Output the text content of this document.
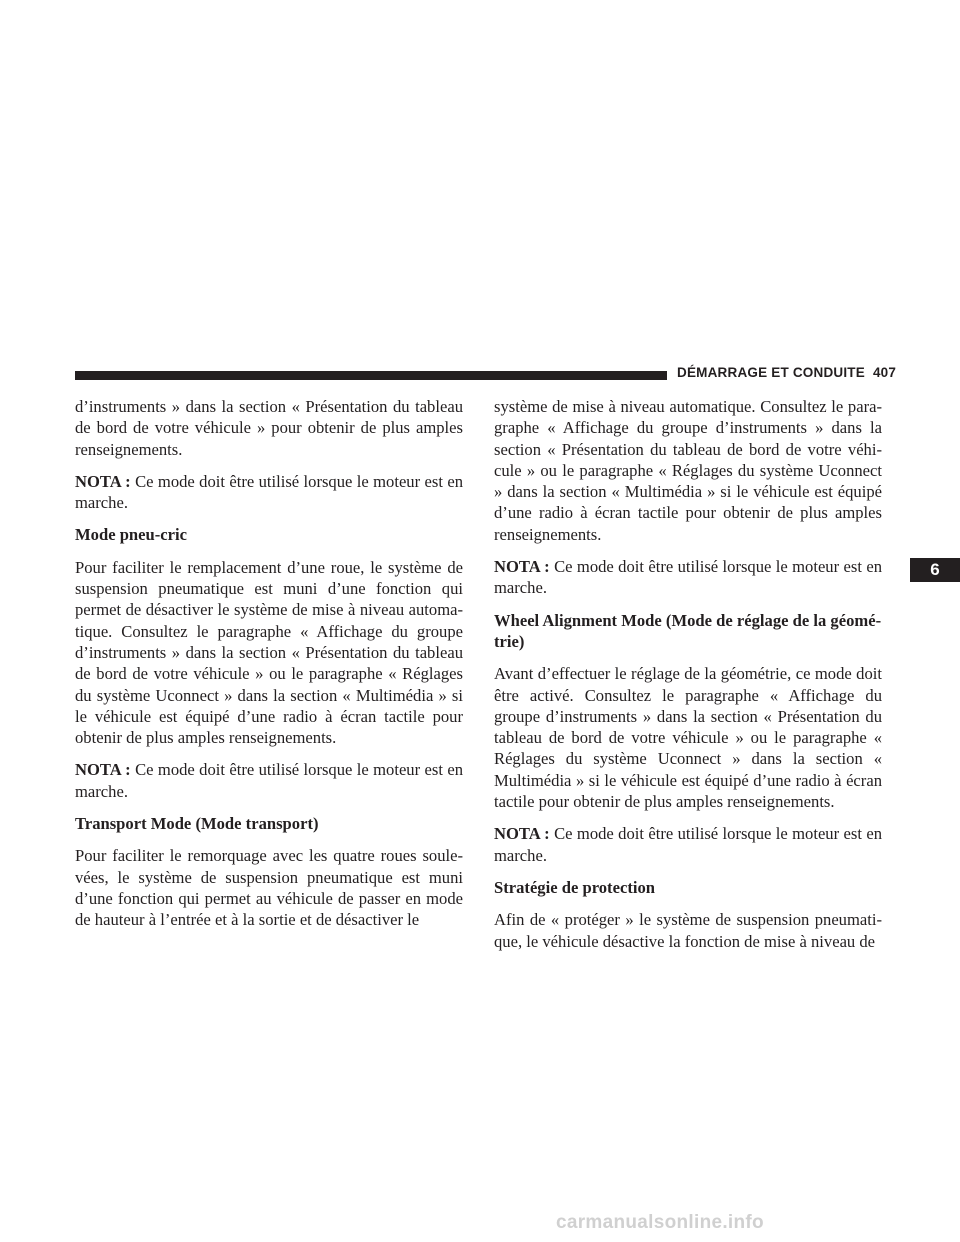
DÉMARRAGE ET CONDUITE 407

d’instruments » dans la section « Présentation du tableau de bord de votre véhicule » pour obtenir de plus amples renseignements.

NOTA : Ce mode doit être utilisé lorsque le moteur est en marche.

Mode pneu-cric

Pour faciliter le remplacement d’une roue, le système de suspension pneumatique est muni d’une fonction qui permet de désactiver le système de mise à niveau automa-tique. Consultez le paragraphe « Affichage du groupe d’instruments » dans la section « Présentation du tableau de bord de votre véhicule » ou le paragraphe « Réglages du système Uconnect » dans la section « Multimédia » si le véhicule est équipé d’une radio à écran tactile pour obtenir de plus amples renseignements.

NOTA : Ce mode doit être utilisé lorsque le moteur est en marche.

Transport Mode (Mode transport)

Pour faciliter le remorquage avec les quatre roues soule-vées, le système de suspension pneumatique est muni d’une fonction qui permet au véhicule de passer en mode de hauteur à l’entrée et à la sortie et de désactiver le

système de mise à niveau automatique. Consultez le para-graphe « Affichage du groupe d’instruments » dans la section « Présentation du tableau de bord de votre véhi-cule » ou le paragraphe « Réglages du système Uconnect » dans la section « Multimédia » si le véhicule est équipé d’une radio à écran tactile pour obtenir de plus amples renseignements.

NOTA : Ce mode doit être utilisé lorsque le moteur est en marche.

Wheel Alignment Mode (Mode de réglage de la géomé-trie)

Avant d’effectuer le réglage de la géométrie, ce mode doit être activé. Consultez le paragraphe « Affichage du groupe d’instruments » dans la section « Présentation du tableau de bord de votre véhicule » ou le paragraphe « Réglages du système Uconnect » dans la section « Multimédia » si le véhicule est équipé d’une radio à écran tactile pour obtenir de plus amples renseignements.

NOTA : Ce mode doit être utilisé lorsque le moteur est en marche.

Stratégie de protection

Afin de « protéger » le système de suspension pneumati-que, le véhicule désactive la fonction de mise à niveau de

6
carmanualsonline.info
